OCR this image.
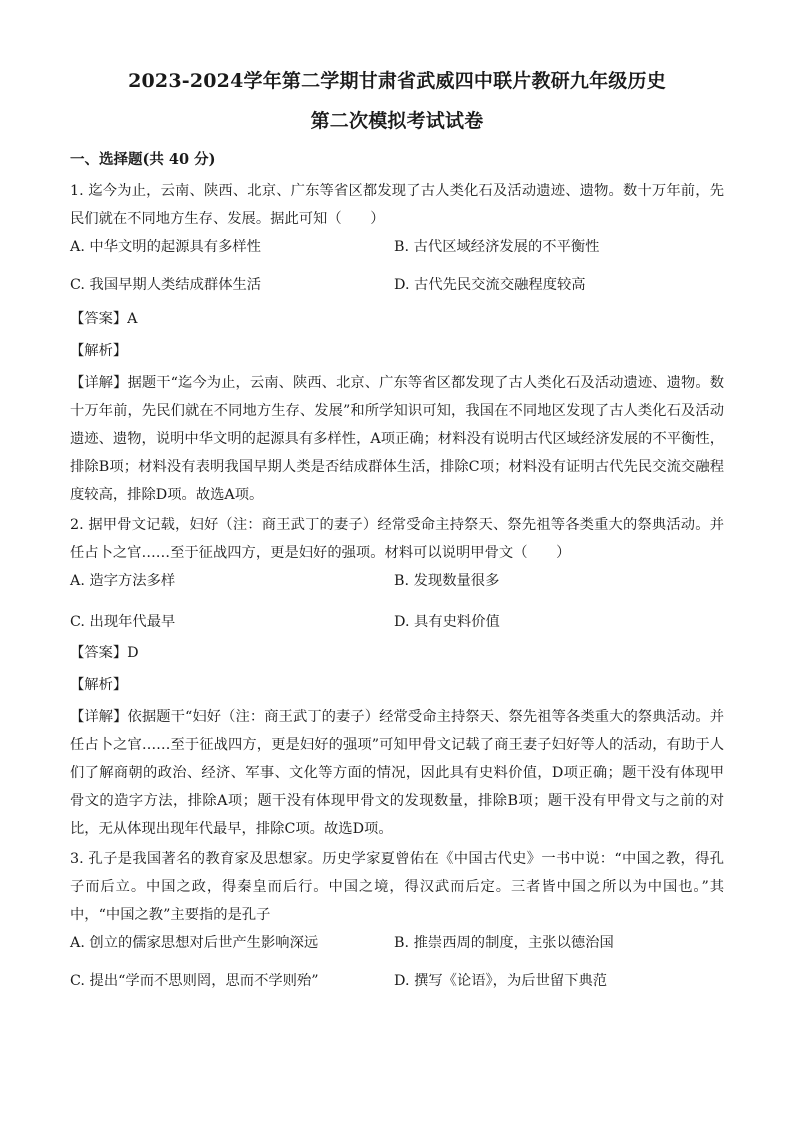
2023-2024学年第二学期甘肃省武威四中联片教研九年级历史
第二次模拟考试试卷
一、选择题(共 40 分)

1. 迄今为止，云南、陕西、北京、广东等省区都发现了古人类化石及活动遗迹、遗物。数十万年前，先民们就在不同地方生存、发展。据此可知（　　）

A. 中华文明的起源具有多样性	B. 古代区域经济发展的不平衡性
C. 我国早期人类结成群体生活	D. 古代先民交流交融程度较高
【答案】A
【解析】

【详解】据题干“迄今为止，云南、陕西、北京、广东等省区都发现了古人类化石及活动遗迹、遗物。数十万年前，先民们就在不同地方生存、发展”和所学知识可知，我国在不同地区发现了古人类化石及活动遗迹、遗物，说明中华文明的起源具有多样性，A项正确；材料没有说明古代区域经济发展的不平衡性，排除B项；材料没有表明我国早期人类是否结成群体生活，排除C项；材料没有证明古代先民交流交融程度较高，排除D项。故选A项。

2. 据甲骨文记载，妇好（注：商王武丁的妻子）经常受命主持祭天、祭先祖等各类重大的祭典活动。并任占卜之官……至于征战四方，更是妇好的强项。材料可以说明甲骨文（　　）

A. 造字方法多样	B. 发现数量很多
C. 出现年代最早	D. 具有史料价值
【答案】D
【解析】

【详解】依据题干“妇好（注：商王武丁的妻子）经常受命主持祭天、祭先祖等各类重大的祭典活动。并任占卜之官……至于征战四方，更是妇好的强项”可知甲骨文记载了商王妻子妇好等人的活动，有助于人们了解商朝的政治、经济、军事、文化等方面的情况，因此具有史料价值，D项正确；题干没有体现甲骨文的造字方法，排除A项；题干没有体现甲骨文的发现数量，排除B项；题干没有甲骨文与之前的对比，无从体现出现年代最早，排除C项。故选D项。

3. 孔子是我国著名的教育家及思想家。历史学家夏曾佑在《中国古代史》一书中说：“中国之教，得孔子而后立。中国之政，得秦皇而后行。中国之境，得汉武而后定。三者皆中国之所以为中国也。”其中，“中国之教”主要指的是孔子

A. 创立的儒家思想对后世产生影响深远	B. 推崇西周的制度，主张以德治国
C. 提出“学而不思则罔，思而不学则殆”	D. 撰写《论语》，为后世留下典范
